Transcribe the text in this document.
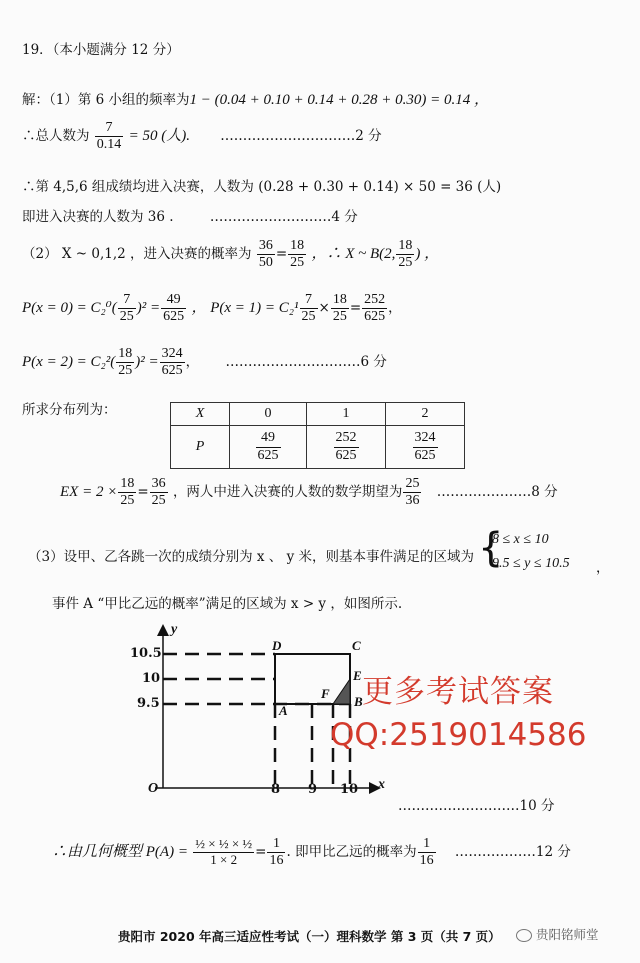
19．（本小题满分 12 分）
解：（1）第 6 小组的频率为1 − (0.04 + 0.10 + 0.14 + 0.28 + 0.30) = 0.14 ，
∴总人数为 $\frac{7}{0.14} = 50$ (人). …………………………2 分
∴第 4,5,6 组成绩均进入决赛，人数为 (0.28 + 0.30 + 0.14) × 50 = 36 (人)
即进入决赛的人数为 36 .	………………………4 分
（2） X ~ 0,1,2 ，进入决赛的概率为 $\frac{36}{50} = \frac{18}{25}$ ，∴ X ~ B(2, $\frac{18}{25}$ ) ，
$P(x = 0) = C_2^0( \frac{7}{25} )^2 = \frac{49}{625}$ ， $P(x = 1) = C_2^1 \frac{7}{25} \times \frac{18}{25} = \frac{252}{625}$ ，
$P(x = 2) = C_2^2( \frac{18}{25} )^2 = \frac{324}{625}$ ， …………………………6 分
所求分布列为：	X	0	1	2
P	$\frac{49}{625}$	$\frac{252}{625}$	$\frac{324}{625}$
EX = $2 \times \frac{18}{25} = \frac{36}{25}$ ，两人中进入决赛的人数的数学期望为 $\frac{25}{36}$ …………………8 分
（3）设甲、乙各跳一次的成绩分别为 x 、 y 米，则基本事件满足的区域为 {
8 ≤ x ≤ 10
9.5 ≤ y ≤ 10.5 ，
事件 A “甲比乙远的概率”满足的区域为 x > y ，如图所示.
y
x
O
10.5
10
9.5
8 9 10
D	C
E
F
B
A
更多考试答案
QQ:2519014586
………………………10 分
∴由几何概型 $P(A) = \frac{\text{½ × ½ × ½}}{1 \times 2} = \frac{1}{16}$ . 即甲比乙远的概率为 $\frac{1}{16}$ ………………12 分
贵阳市 2020 年高三适应性考试（一）理科数学 第 3 页（共 7 页）	贵阳铭师堂
